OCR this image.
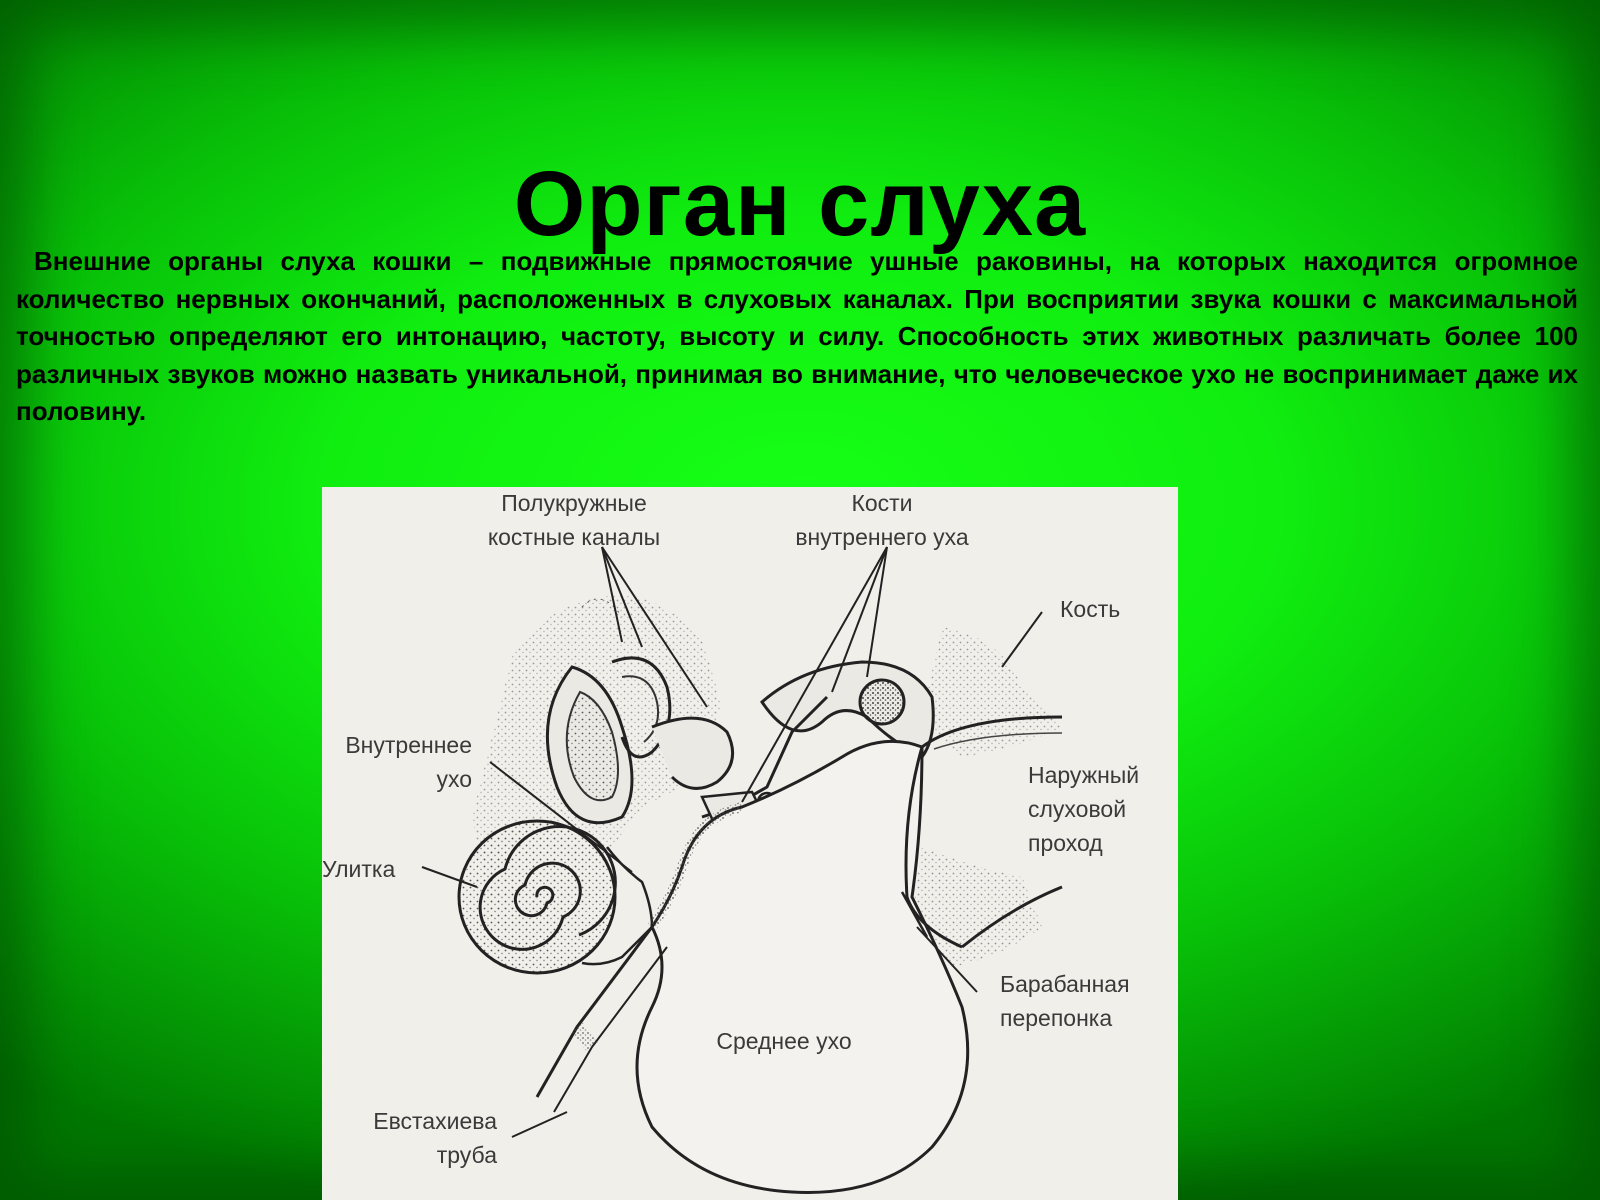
Орган слуха

Внешние органы слуха кошки – подвижные прямостоячие ушные раковины, на которых находится огромное количество нервных окончаний, расположенных в слуховых каналах. При восприятии звука кошки с максимальной точностью определяют его интонацию, частоту, высоту и силу. Способность этих животных различать более 100 различных звуков можно назвать уникальной, принимая во внимание, что человеческое ухо не воспринимает даже их половину.

Полукружные
костные каналы
Кости
внутреннего уха
Кость
Внутреннее
ухо	Наружный
слуховой
проход
Улитка
Барабанная
перепонка
Среднее ухо
Евстахиева
труба
